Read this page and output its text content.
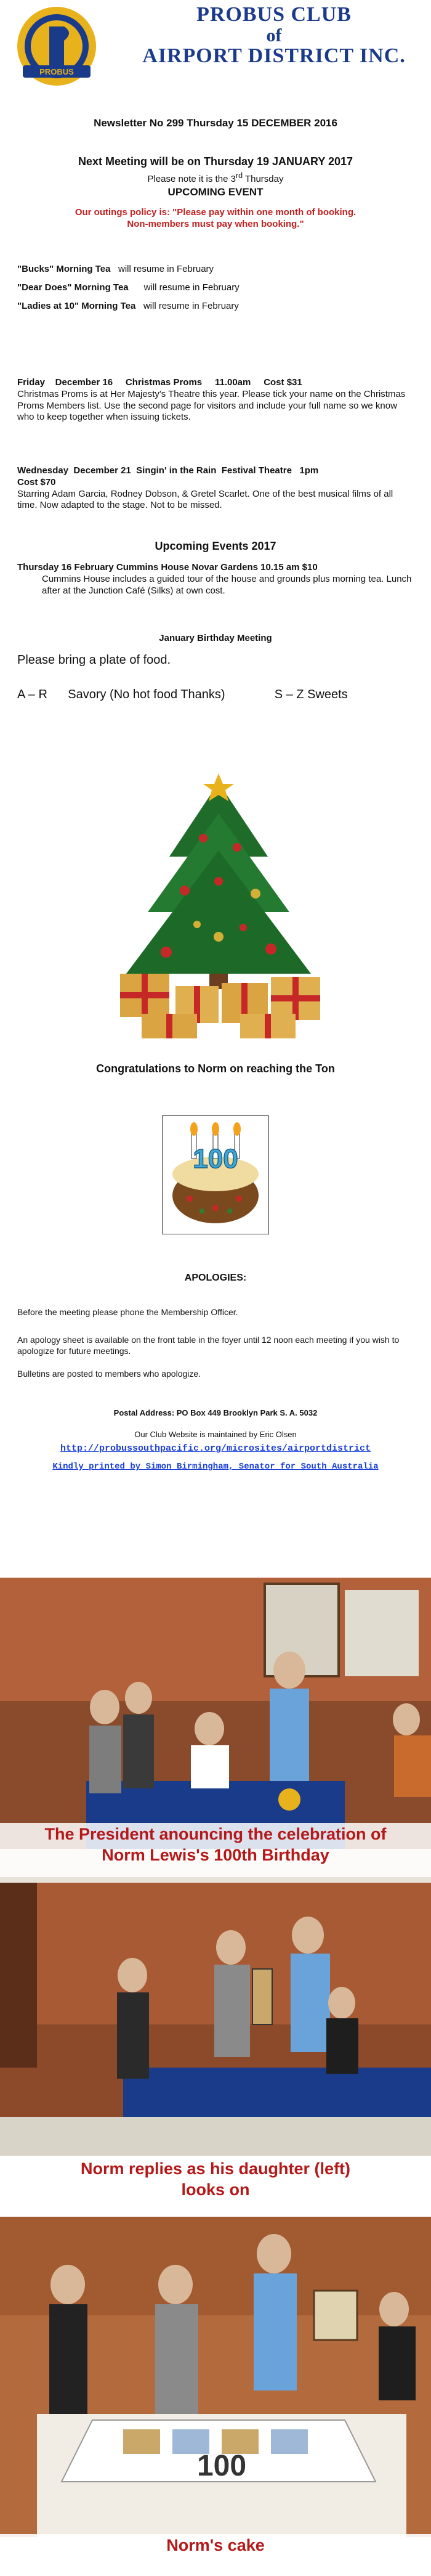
PROBUS
PROBUS CLUB
of
AIRPORT DISTRICT INC.
Newsletter No 299 Thursday 15 DECEMBER 2016
Next Meeting will be on Thursday 19 JANUARY 2017
Please note it is the 3rd Thursday
UPCOMING EVENT
Our outings policy is: "Please pay within one month of booking.
Non-members must pay when booking."
"Bucks" Morning Tea will resume in February
"Dear Does" Morning Tea will resume in February
"Ladies at 10" Morning Tea will resume in February
Friday    December 16     Christmas Proms     11.00am     Cost $31
Christmas Proms is at Her Majesty's Theatre this year. Please tick your name on the Christmas Proms Members list. Use the second page for visitors and include your full name so we know who to keep together when issuing tickets.
Wednesday  December 21  Singin' in the Rain  Festival Theatre   1pm
Cost $70
Starring Adam Garcia, Rodney Dobson, & Gretel Scarlet. One of the best musical films of all time. Now adapted to the stage. Not to be missed.
Upcoming Events 2017
Thursday 16 February Cummins House Novar Gardens 10.15 am $10
Cummins House includes a guided tour of the house and grounds plus morning tea. Lunch after at the Junction Café (Silks) at own cost.
January Birthday Meeting
Please bring a plate of food.
A – R Savory (No hot food Thanks)	S – Z Sweets
Congratulations to Norm on reaching the Ton
100
APOLOGIES:
Before the meeting please phone the Membership Officer.
An apology sheet is available on the front table in the foyer until 12 noon each meeting if you wish to apologize for future meetings.
Bulletins are posted to members who apologize.
Postal Address: PO Box 449 Brooklyn Park S. A. 5032
Our Club Website is maintained by Eric Olsen
http://probussouthpacific.org/microsites/airportdistrict
Kindly printed by Simon Birmingham, Senator for South Australia
The President anouncing the celebration of
Norm Lewis's 100th Birthday
Norm replies as his daughter (left)
looks on
100
Norm's cake
